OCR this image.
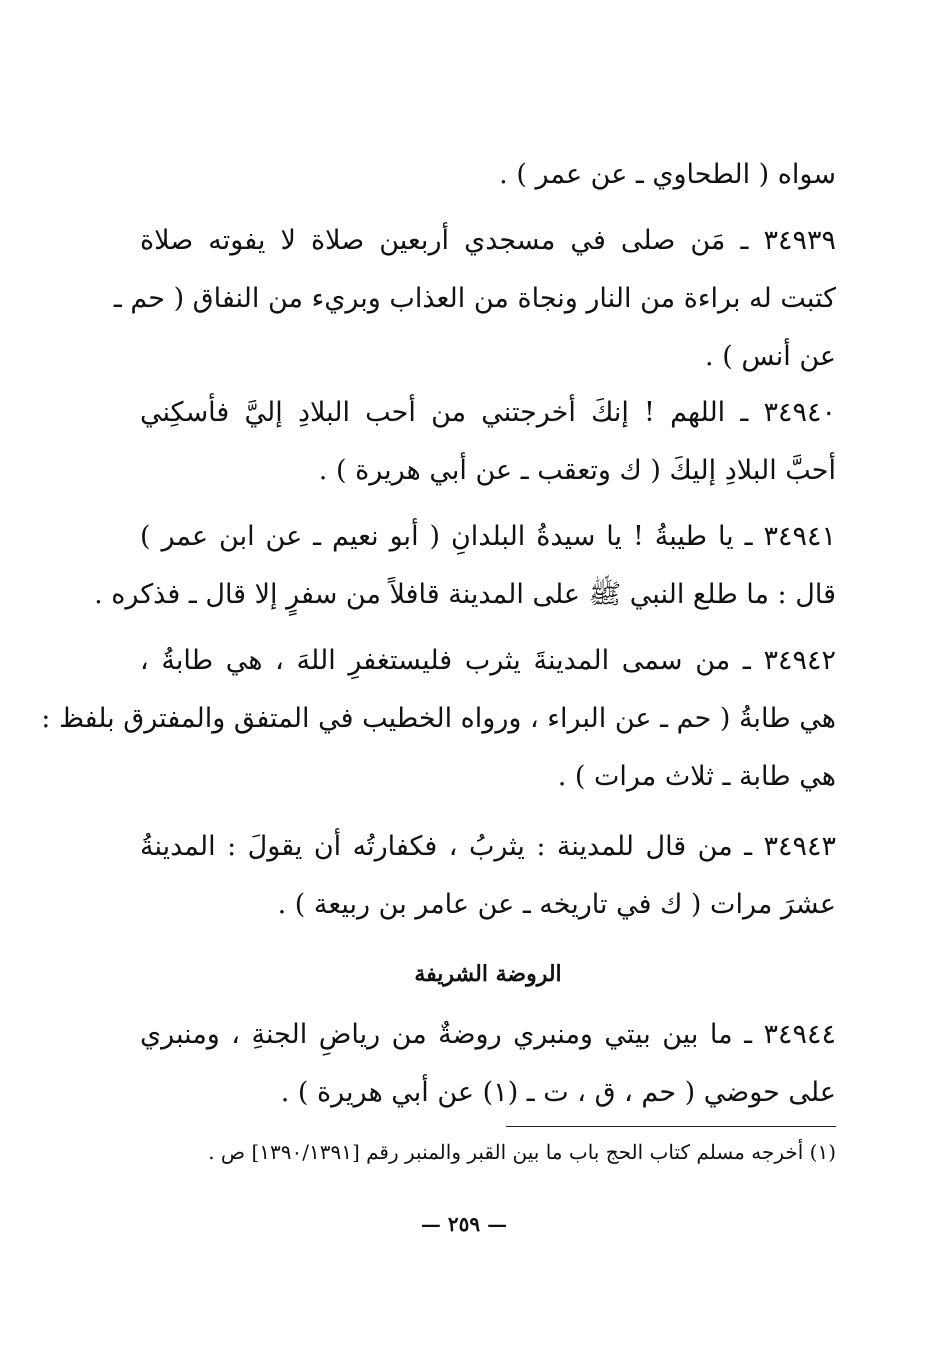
سواه ( الطحاوي ـ عن عمر ) .
٣٤٩٣٩ ـ مَن صلى في مسجدي أربعين صلاة لا يفوته صلاة
كتبت له براءة من النار ونجاة من العذاب وبريء من النفاق ( حم ـ
عن أنس ) .
٣٤٩٤٠ ـ اللهم ! إنكَ أخرجتني من أحب البلادِ إليَّ فأسكِني
أحبَّ البلادِ إليكَ ( ك وتعقب ـ عن أبي هريرة ) .
٣٤٩٤١ ـ يا طيبةُ ! يا سيدةُ البلدانِ ( أبو نعيم ـ عن ابن عمر )
قال : ما طلع النبي ﷺ على المدينة قافلاً من سفرٍ إلا قال ـ فذكره .
٣٤٩٤٢ ـ من سمى المدينةَ يثرب فليستغفرِ اللهَ ، هي طابةُ ،
هي طابةُ ( حم ـ عن البراء ، ورواه الخطيب في المتفق والمفترق بلفظ :
هي طابة ـ ثلاث مرات ) .
٣٤٩٤٣ ـ من قال للمدينة : يثربُ ، فكفارتُه أن يقولَ : المدينةُ
عشرَ مرات ( ك في تاريخه ـ عن عامر بن ربيعة ) .
الروضة الشريفة
٣٤٩٤٤ ـ ما بين بيتي ومنبري روضةٌ من رياضِ الجنةِ ، ومنبري
على حوضي ( حم ، ق ، ت ـ (١) عن أبي هريرة ) .
(١) أخرجه مسلم كتاب الحج باب ما بين القبر والمنبر رقم [١٣٩٠/١٣٩١] ص .
— ٢٥٩ —
